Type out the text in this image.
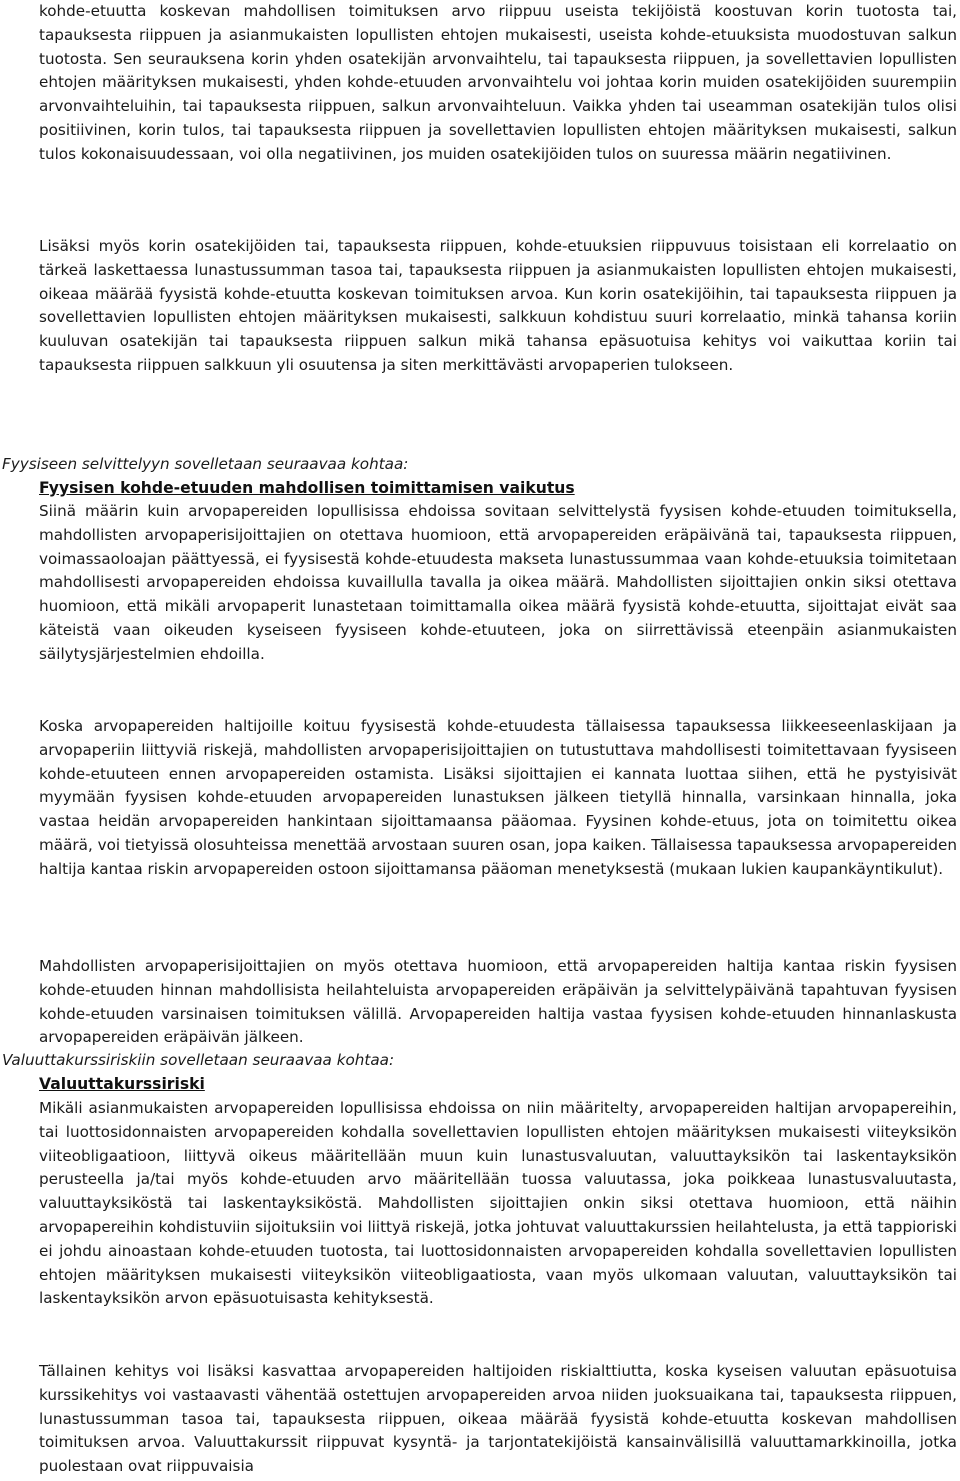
kohde-etuutta koskevan mahdollisen toimituksen arvo riippuu useista tekijöistä koostuvan korin tuotosta tai, tapauksesta riippuen ja asianmukaisten lopullisten ehtojen mukaisesti, useista kohde-etuuksista muodostuvan salkun tuotosta. Sen seurauksena korin yhden osatekijän arvonvaihtelu, tai tapauksesta riippuen, ja sovellettavien lopullisten ehtojen määrityksen mukaisesti, yhden kohde-etuuden arvonvaihtelu voi johtaa korin muiden osatekijöiden suurempiin arvonvaihteluihin, tai tapauksesta riippuen, salkun arvonvaihteluun. Vaikka yhden tai useamman osatekijän tulos olisi positiivinen, korin tulos, tai tapauksesta riippuen ja sovellettavien lopullisten ehtojen määrityksen mukaisesti, salkun tulos kokonaisuudessaan, voi olla negatiivinen, jos muiden osatekijöiden tulos on suuressa määrin negatiivinen.

Lisäksi myös korin osatekijöiden tai, tapauksesta riippuen, kohde-etuuksien riippuvuus toisistaan eli korrelaatio on tärkeä laskettaessa lunastussumman tasoa tai, tapauksesta riippuen ja asianmukaisten lopullisten ehtojen mukaisesti, oikeaa määrää fyysistä kohde-etuutta koskevan toimituksen arvoa. Kun korin osatekijöihin, tai tapauksesta riippuen ja sovellettavien lopullisten ehtojen määrityksen mukaisesti, salkkuun kohdistuu suuri korrelaatio, minkä tahansa koriin kuuluvan osatekijän tai tapauksesta riippuen salkun mikä tahansa epäsuotuisa kehitys voi vaikuttaa koriin tai tapauksesta riippuen salkkuun yli osuutensa ja siten merkittävästi arvopaperien tulokseen.

Fyysiseen selvittelyyn sovelletaan seuraavaa kohtaa:

Fyysisen kohde-etuuden mahdollisen toimittamisen vaikutus

Siinä määrin kuin arvopapereiden lopullisissa ehdoissa sovitaan selvittelystä fyysisen kohde-etuuden toimituksella, mahdollisten arvopaperisijoittajien on otettava huomioon, että arvopapereiden eräpäivänä tai, tapauksesta riippuen, voimassaoloajan päättyessä, ei fyysisestä kohde-etuudesta makseta lunastussummaa vaan kohde-etuuksia toimitetaan mahdollisesti arvopapereiden ehdoissa kuvaillulla tavalla ja oikea määrä. Mahdollisten sijoittajien onkin siksi otettava huomioon, että mikäli arvopaperit lunastetaan toimittamalla oikea määrä fyysistä kohde-etuutta, sijoittajat eivät saa käteistä vaan oikeuden kyseiseen fyysiseen kohde-etuuteen, joka on siirrettävissä eteenpäin asianmukaisten säilytysjärjestelmien ehdoilla.

Koska arvopapereiden haltijoille koituu fyysisestä kohde-etuudesta tällaisessa tapauksessa liikkeeseenlaskijaan ja arvopaperiin liittyviä riskejä, mahdollisten arvopaperisijoittajien on tutustuttava mahdollisesti toimitettavaan fyysiseen kohde-etuuteen ennen arvopapereiden ostamista. Lisäksi sijoittajien ei kannata luottaa siihen, että he pystyisivät myymään fyysisen kohde-etuuden arvopapereiden lunastuksen jälkeen tietyllä hinnalla, varsinkaan hinnalla, joka vastaa heidän arvopapereiden hankintaan sijoittamaansa pääomaa. Fyysinen kohde-etuus, jota on toimitettu oikea määrä, voi tietyissä olosuhteissa menettää arvostaan suuren osan, jopa kaiken. Tällaisessa tapauksessa arvopapereiden haltija kantaa riskin arvopapereiden ostoon sijoittamansa pääoman menetyksestä (mukaan lukien kaupankäyntikulut).

Mahdollisten arvopaperisijoittajien on myös otettava huomioon, että arvopapereiden haltija kantaa riskin fyysisen kohde-etuuden hinnan mahdollisista heilahteluista arvopapereiden eräpäivän ja selvittelypäivänä tapahtuvan fyysisen kohde-etuuden varsinaisen toimituksen välillä. Arvopapereiden haltija vastaa fyysisen kohde-etuuden hinnanlaskusta arvopapereiden eräpäivän jälkeen.

Valuuttakurssiriskiin sovelletaan seuraavaa kohtaa:

Valuuttakurssiriski

Mikäli asianmukaisten arvopapereiden lopullisissa ehdoissa on niin määritelty, arvopapereiden haltijan arvopapereihin, tai luottosidonnaisten arvopapereiden kohdalla sovellettavien lopullisten ehtojen määrityksen mukaisesti viiteyksikön viiteobligaatioon, liittyvä oikeus määritellään muun kuin lunastusvaluutan, valuuttayksikön tai laskentayksikön perusteella ja/tai myös kohde-etuuden arvo määritellään tuossa valuutassa, joka poikkeaa lunastusvaluutasta, valuuttayksiköstä tai laskentayksiköstä. Mahdollisten sijoittajien onkin siksi otettava huomioon, että näihin arvopapereihin kohdistuviin sijoituksiin voi liittyä riskejä, jotka johtuvat valuuttakurssien heilahtelusta, ja että tappioriski ei johdu ainoastaan kohde-etuuden tuotosta, tai luottosidonnaisten arvopapereiden kohdalla sovellettavien lopullisten ehtojen määrityksen mukaisesti viiteyksikön viiteobligaatiosta, vaan myös ulkomaan valuutan, valuuttayksikön tai laskentayksikön arvon epäsuotuisasta kehityksestä.

Tällainen kehitys voi lisäksi kasvattaa arvopapereiden haltijoiden riskialttiutta, koska kyseisen valuutan epäsuotuisa kurssikehitys voi vastaavasti vähentää ostettujen arvopapereiden arvoa niiden juoksuaikana tai, tapauksesta riippuen, lunastussumman tasoa tai, tapauksesta riippuen, oikeaa määrää fyysistä kohde-etuutta koskevan mahdollisen toimituksen arvoa. Valuuttakurssit riippuvat kysyntä- ja tarjontatekijöistä kansainvälisillä valuuttamarkkinoilla, jotka puolestaan ovat riippuvaisia
